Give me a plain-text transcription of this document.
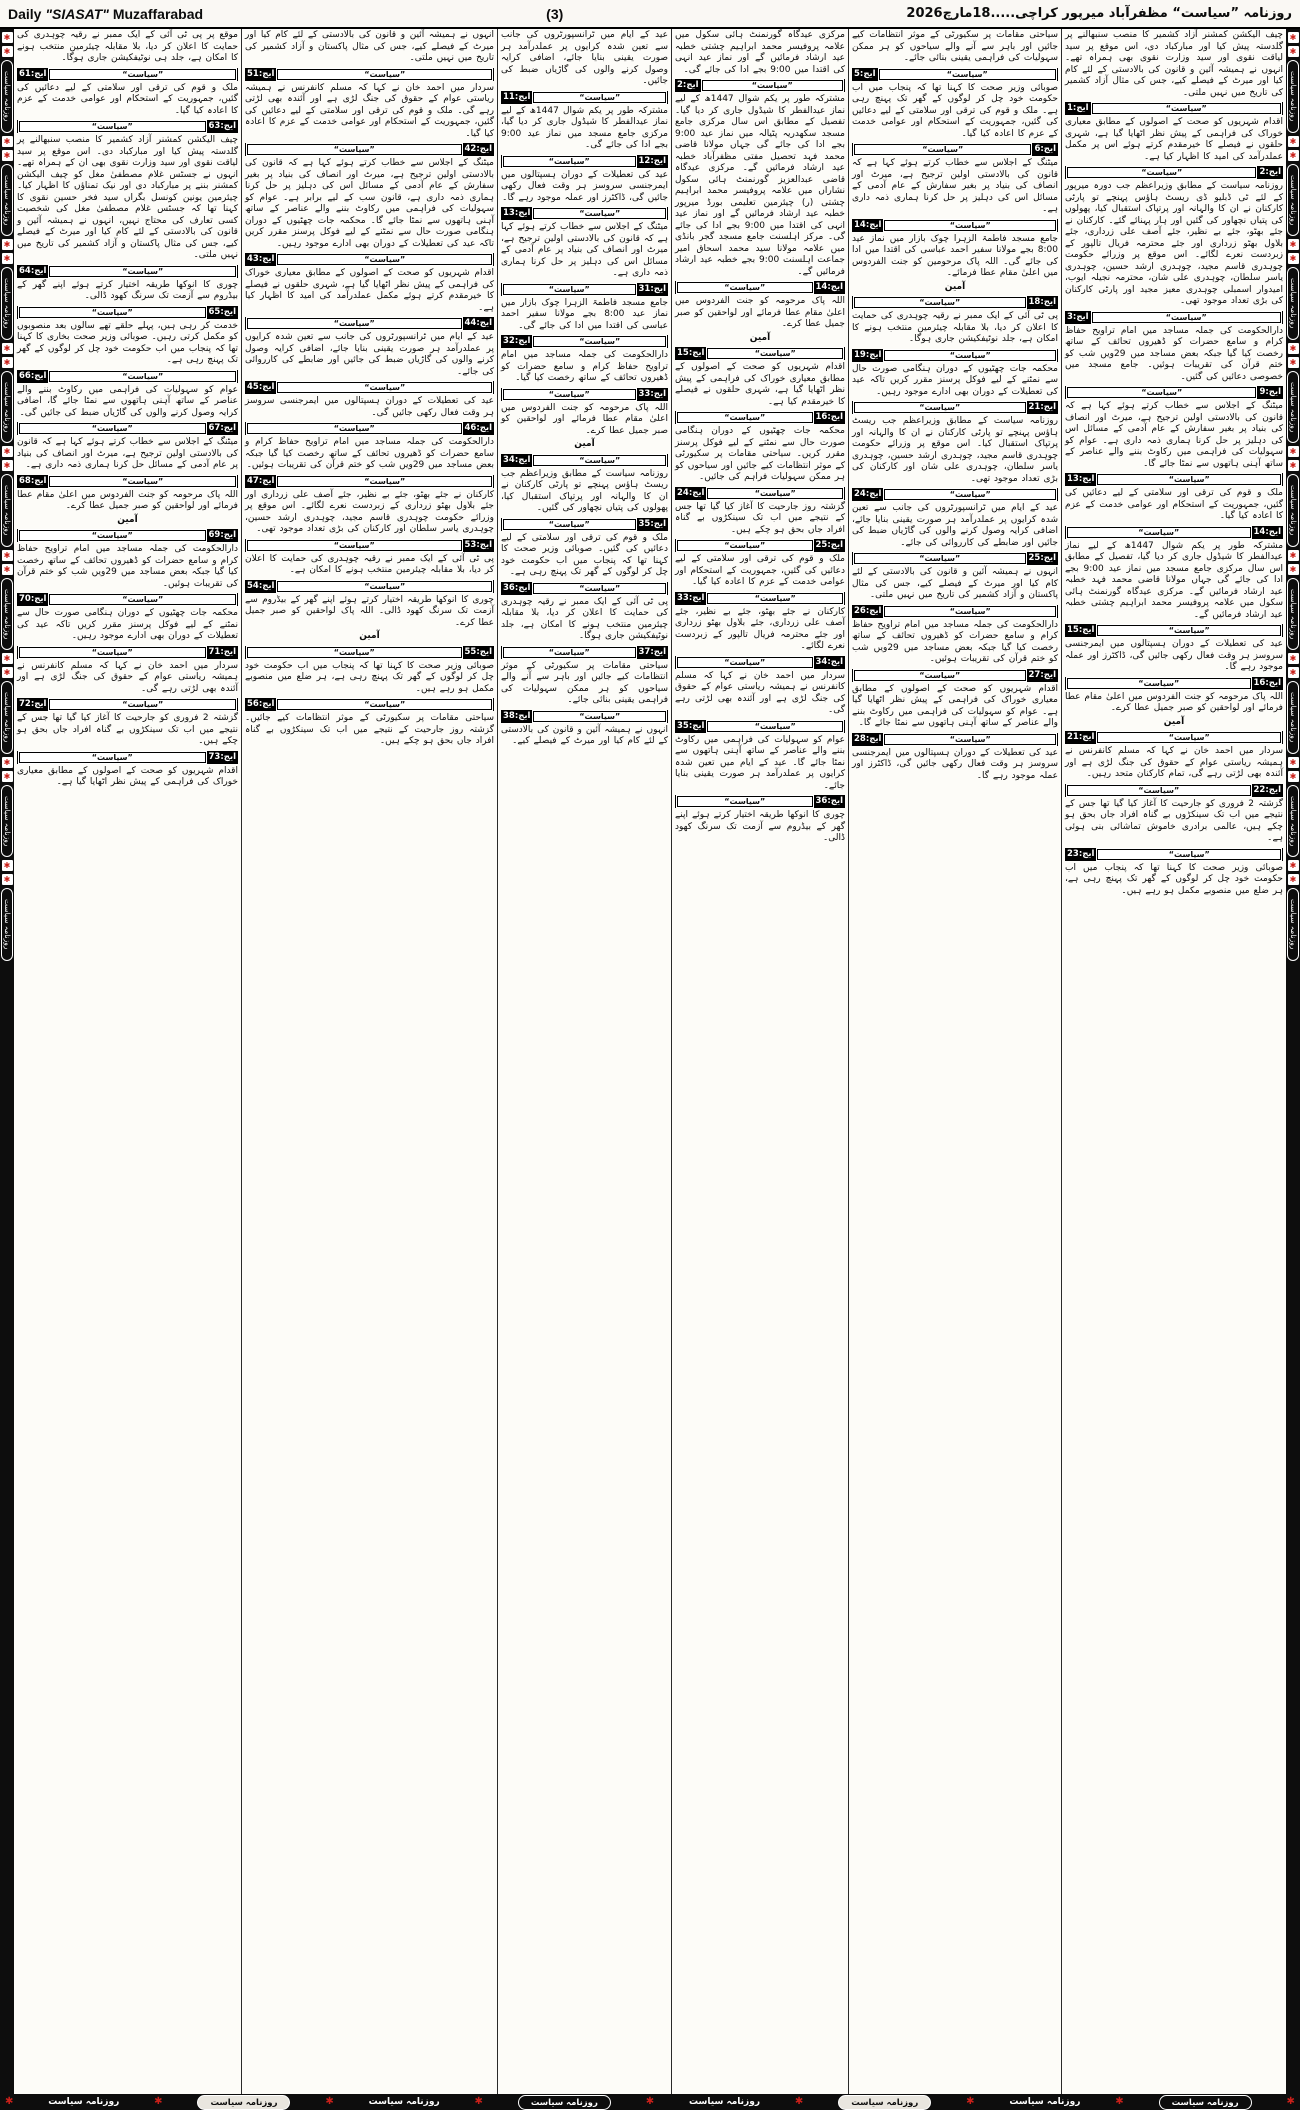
Daily "SIASAT" Muzaffarabad	(3)	روزنامہ ”سیاست“ مظفرآباد میرپور کراچی.....18مارچ2026
✱
✱
روزنامہ سیاست
✱
✱
روزنامہ سیاست
✱
✱
روزنامہ سیاست
✱
✱
روزنامہ سیاست
✱
✱
روزنامہ سیاست
✱
✱
روزنامہ سیاست
✱
✱
روزنامہ سیاست
✱
✱
روزنامہ سیاست
✱
✱
روزنامہ سیاست

چیف الیکشن کمشنر آزاد کشمیر کا منصب سنبھالنے پر گلدستہ پیش کیا اور مبارکباد دی، اس موقع پر سید لیاقت نقوی اور سید وزارت نقوی بھی ہمراہ تھے۔ انہوں نے ہمیشہ آئین و قانون کی بالادستی کے لئے کام کیا اور میرٹ کے فیصلے کیے، جس کی مثال آزاد کشمیر کی تاریخ میں نہیں ملتی۔

ایج:1	”سیاست“

اقدام شہریوں کو صحت کے اصولوں کے مطابق معیاری خوراک کی فراہمی کے پیش نظر اٹھایا گیا ہے، شہری حلقوں نے فیصلے کا خیرمقدم کرتے ہوئے اس پر مکمل عملدرآمد کی امید کا اظہار کیا ہے۔

ایج:2
”سیاست“

روزنامہ سیاست کے مطابق وزیراعظم جب دورہ میرپور کے لئے ٹی ڈبلیو ڈی ریسٹ ہاؤس پہنچے تو پارٹی کارکنان نے ان کا والہانہ اور پرتپاک استقبال کیا، پھولوں کی پتیاں نچھاور کی گئیں اور ہار پہنائے گئے۔ کارکنان نے جئے بھٹو، جئے بے نظیر، جئے آصف علی زرداری، جئے بلاول بھٹو زرداری اور جئے محترمہ فریال تالپور کے زبردست نعرے لگائے۔ اس موقع پر وزرائے حکومت چوہدری قاسم مجید، چوہدری ارشد حسین، چوہدری یاسر سلطان، چوہدری علی شان، محترمہ نجیلہ ایوب، امیدوار اسمبلی چوہدری معیز مجید اور پارٹی کارکنان کی بڑی تعداد موجود تھی۔

ایج:3	”سیاست“

دارالحکومت کی جملہ مساجد میں امام تراویح حفاظ کرام و سامع حضرات کو ڈھیروں تحائف کے ساتھ رخصت کیا گیا جبکہ بعض مساجد میں 29ویں شب کو ختم قرآن کی تقریبات ہوئیں۔ جامع مسجد میں خصوصی دعائیں کی گئیں۔

ایج:9
”سیاست“

میٹنگ کے اجلاس سے خطاب کرتے ہوئے کہا ہے کہ قانون کی بالادستی اولین ترجیح ہے، میرٹ اور انصاف کی بنیاد پر بغیر سفارش کے عام آدمی کے مسائل اس کی دہلیز پر حل کرنا ہماری ذمہ داری ہے۔ عوام کو سہولیات کی فراہمی میں رکاوٹ بننے والے عناصر کے ساتھ آہنی ہاتھوں سے نمٹا جائے گا۔

ایج:13	”سیاست“

ملک و قوم کی ترقی اور سلامتی کے لیے دعائیں کی گئیں، جمہوریت کے استحکام اور عوامی خدمت کے عزم کا اعادہ کیا گیا۔

ایج:14
”سیاست“

مشترکہ طور پر یکم شوال 1447ھ کے لیے نماز عیدالفطر کا شیڈول جاری کر دیا گیا، تفصیل کے مطابق اس سال مرکزی جامع مسجد میں نماز عید 9:00 بجے ادا کی جائے گی جہاں مولانا قاضی محمد فہد خطبہ عید ارشاد فرمائیں گے۔ مرکزی عیدگاہ گورنمنٹ ہائی سکول میں علامہ پروفیسر محمد ابراہیم چشتی خطبہ عید ارشاد فرمائیں گے۔

ایج:15	”سیاست“

عید کی تعطیلات کے دوران ہسپتالوں میں ایمرجنسی سروسز ہر وقت فعال رکھی جائیں گی، ڈاکٹرز اور عملہ موجود رہے گا۔

ایج:16
”سیاست“

اللہ پاک مرحومہ کو جنت الفردوس میں اعلیٰ مقام عطا فرمائے اور لواحقین کو صبر جمیل عطا کرے۔

آمین

ایج:21	”سیاست“

سردار میں احمد خان نے کہا کہ مسلم کانفرنس نے ہمیشہ ریاستی عوام کے حقوق کی جنگ لڑی ہے اور آئندہ بھی لڑتی رہے گی، تمام کارکنان متحد رہیں۔

ایج:22
”سیاست“

گزشتہ 2 فروری کو جارحیت کا آغاز کیا گیا تھا جس کے نتیجے میں اب تک سینکڑوں بے گناہ افراد جاں بحق ہو چکے ہیں، عالمی برادری خاموش تماشائی بنی ہوئی ہے۔

ایج:23	”سیاست“

صوبائی وزیر صحت کا کہنا تھا کہ پنجاب میں اب حکومت خود چل کر لوگوں کے گھر تک پہنچ رہی ہے، ہر ضلع میں منصوبے مکمل ہو رہے ہیں۔

سیاحتی مقامات پر سکیورٹی کے موثر انتظامات کیے جائیں اور باہر سے آنے والے سیاحوں کو ہر ممکن سہولیات کی فراہمی یقینی بنائی جائے۔

ایج:5	”سیاست“

صوبائی وزیر صحت کا کہنا تھا کہ پنجاب میں اب حکومت خود چل کر لوگوں کے گھر تک پہنچ رہی ہے۔ ملک و قوم کی ترقی اور سلامتی کے لیے دعائیں کی گئیں، جمہوریت کے استحکام اور عوامی خدمت کے عزم کا اعادہ کیا گیا۔

ایج:6
”سیاست“

میٹنگ کے اجلاس سے خطاب کرتے ہوئے کہا ہے کہ قانون کی بالادستی اولین ترجیح ہے، میرٹ اور انصاف کی بنیاد پر بغیر سفارش کے عام آدمی کے مسائل اس کی دہلیز پر حل کرنا ہماری ذمہ داری ہے۔

ایج:14	”سیاست“

جامع مسجد فاطمۃ الزہرا چوک بازار میں نماز عید 8:00 بجے مولانا سفیر احمد عباسی کی اقتدا میں ادا کی جائے گی۔ اللہ پاک مرحومین کو جنت الفردوس میں اعلیٰ مقام عطا فرمائے۔

آمین

ایج:18
”سیاست“

پی ٹی آئی کے ایک ممبر نے رقیہ چوہدری کی حمایت کا اعلان کر دیا، بلا مقابلہ چیئرمین منتخب ہونے کا امکان ہے، جلد نوٹیفکیشن جاری ہوگا۔

ایج:19	”سیاست“

محکمہ جات چھٹیوں کے دوران ہنگامی صورت حال سے نمٹنے کے لیے فوکل پرسنز مقرر کریں تاکہ عید کی تعطیلات کے دوران بھی ادارے موجود رہیں۔

ایج:21
”سیاست“

روزنامہ سیاست کے مطابق وزیراعظم جب ریسٹ ہاؤس پہنچے تو پارٹی کارکنان نے ان کا والہانہ اور پرتپاک استقبال کیا۔ اس موقع پر وزرائے حکومت چوہدری قاسم مجید، چوہدری ارشد حسین، چوہدری یاسر سلطان، چوہدری علی شان اور کارکنان کی بڑی تعداد موجود تھی۔

ایج:24	”سیاست“

عید کے ایام میں ٹرانسپورٹروں کی جانب سے تعین شدہ کرایوں پر عملدرآمد ہر صورت یقینی بنایا جائے، اضافی کرایہ وصول کرنے والوں کی گاڑیاں ضبط کی جائیں اور ضابطے کی کارروائی کی جائے۔

ایج:25
”سیاست“

انہوں نے ہمیشہ آئین و قانون کی بالادستی کے لئے کام کیا اور میرٹ کے فیصلے کیے، جس کی مثال پاکستان و آزاد کشمیر کی تاریخ میں نہیں ملتی۔

ایج:26	”سیاست“

دارالحکومت کی جملہ مساجد میں امام تراویح حفاظ کرام و سامع حضرات کو ڈھیروں تحائف کے ساتھ رخصت کیا گیا جبکہ بعض مساجد میں 29ویں شب کو ختم قرآن کی تقریبات ہوئیں۔

ایج:27
”سیاست“

اقدام شہریوں کو صحت کے اصولوں کے مطابق معیاری خوراک کی فراہمی کے پیش نظر اٹھایا گیا ہے۔ عوام کو سہولیات کی فراہمی میں رکاوٹ بننے والے عناصر کے ساتھ آہنی ہاتھوں سے نمٹا جائے گا۔

ایج:28	”سیاست“

عید کی تعطیلات کے دوران ہسپتالوں میں ایمرجنسی سروسز ہر وقت فعال رکھی جائیں گی، ڈاکٹرز اور عملہ موجود رہے گا۔

مرکزی عیدگاہ گورنمنٹ ہائی سکول میں علامہ پروفیسر محمد ابراہیم چشتی خطبہ عید ارشاد فرمائیں گے اور نماز عید انہی کی اقتدا میں 9:00 بجے ادا کی جائے گی۔

ایج:2	”سیاست“

مشترکہ طور پر یکم شوال 1447ھ کے لیے نماز عیدالفطر کا شیڈول جاری کر دیا گیا۔ تفصیل کے مطابق اس سال مرکزی جامع مسجد سکھدریہ پٹیالہ میں نماز عید 9:00 بجے ادا کی جائے گی جہاں مولانا قاضی محمد فہد تحصیل مفتی مظفرآباد خطبہ عید ارشاد فرمائیں گے۔ مرکزی عیدگاہ قاضی عبدالعزیز گورنمنٹ ہائی سکول نشاراں میں علامہ پروفیسر محمد ابراہیم چشتی (ر) چیئرمین تعلیمی بورڈ میرپور خطبہ عید ارشاد فرمائیں گے اور نماز عید انہی کی اقتدا میں 9:00 بجے ادا کی جائے گی۔ مرکز اہلسنت جامع مسجد گجر بانڈی میں علامہ مولانا سید محمد اسحاق امیر جماعت اہلسنت 9:00 بجے خطبہ عید ارشاد فرمائیں گے۔

ایج:14
”سیاست“

اللہ پاک مرحومہ کو جنت الفردوس میں اعلیٰ مقام عطا فرمائے اور لواحقین کو صبر جمیل عطا کرے۔

آمین

ایج:15	”سیاست“

اقدام شہریوں کو صحت کے اصولوں کے مطابق معیاری خوراک کی فراہمی کے پیش نظر اٹھایا گیا ہے، شہری حلقوں نے فیصلے کا خیرمقدم کیا ہے۔

ایج:16
”سیاست“

محکمہ جات چھٹیوں کے دوران ہنگامی صورت حال سے نمٹنے کے لیے فوکل پرسنز مقرر کریں۔ سیاحتی مقامات پر سکیورٹی کے موثر انتظامات کیے جائیں اور سیاحوں کو ہر ممکن سہولیات فراہم کی جائیں۔

ایج:24	”سیاست“

گزشتہ روز جارحیت کا آغاز کیا گیا تھا جس کے نتیجے میں اب تک سینکڑوں بے گناہ افراد جاں بحق ہو چکے ہیں۔

ایج:25
”سیاست“

ملک و قوم کی ترقی اور سلامتی کے لیے دعائیں کی گئیں، جمہوریت کے استحکام اور عوامی خدمت کے عزم کا اعادہ کیا گیا۔

ایج:33	”سیاست“

کارکنان نے جئے بھٹو، جئے بے نظیر، جئے آصف علی زرداری، جئے بلاول بھٹو زرداری اور جئے محترمہ فریال تالپور کے زبردست نعرے لگائے۔

ایج:34
”سیاست“

سردار میں احمد خان نے کہا کہ مسلم کانفرنس نے ہمیشہ ریاستی عوام کے حقوق کی جنگ لڑی ہے اور آئندہ بھی لڑتی رہے گی۔

ایج:35	”سیاست“

عوام کو سہولیات کی فراہمی میں رکاوٹ بننے والے عناصر کے ساتھ آہنی ہاتھوں سے نمٹا جائے گا۔ عید کے ایام میں تعین شدہ کرایوں پر عملدرآمد ہر صورت یقینی بنایا جائے۔

ایج:36
”سیاست“

چوری کا انوکھا طریقہ اختیار کرتے ہوئے اپنے گھر کے بیڈروم سے آزمت تک سرنگ کھود ڈالی۔

عید کے ایام میں ٹرانسپورٹروں کی جانب سے تعین شدہ کرایوں پر عملدرآمد ہر صورت یقینی بنایا جائے، اضافی کرایہ وصول کرنے والوں کی گاڑیاں ضبط کی جائیں۔

ایج:11	”سیاست“

مشترکہ طور پر یکم شوال 1447ھ کے لیے نماز عیدالفطر کا شیڈول جاری کر دیا گیا، مرکزی جامع مسجد میں نماز عید 9:00 بجے ادا کی جائے گی۔

ایج:12
”سیاست“

عید کی تعطیلات کے دوران ہسپتالوں میں ایمرجنسی سروسز ہر وقت فعال رکھی جائیں گی، ڈاکٹرز اور عملہ موجود رہے گا۔

ایج:13	”سیاست“

میٹنگ کے اجلاس سے خطاب کرتے ہوئے کہا ہے کہ قانون کی بالادستی اولین ترجیح ہے، میرٹ اور انصاف کی بنیاد پر عام آدمی کے مسائل اس کی دہلیز پر حل کرنا ہماری ذمہ داری ہے۔

ایج:31
”سیاست“

جامع مسجد فاطمۃ الزہرا چوک بازار میں نماز عید 8:00 بجے مولانا سفیر احمد عباسی کی اقتدا میں ادا کی جائے گی۔

ایج:32	”سیاست“

دارالحکومت کی جملہ مساجد میں امام تراویح حفاظ کرام و سامع حضرات کو ڈھیروں تحائف کے ساتھ رخصت کیا گیا۔

ایج:33
”سیاست“

اللہ پاک مرحومہ کو جنت الفردوس میں اعلیٰ مقام عطا فرمائے اور لواحقین کو صبر جمیل عطا کرے۔

آمین

ایج:34	”سیاست“

روزنامہ سیاست کے مطابق وزیراعظم جب ریسٹ ہاؤس پہنچے تو پارٹی کارکنان نے ان کا والہانہ اور پرتپاک استقبال کیا، پھولوں کی پتیاں نچھاور کی گئیں۔

ایج:35
”سیاست“

ملک و قوم کی ترقی اور سلامتی کے لیے دعائیں کی گئیں۔ صوبائی وزیر صحت کا کہنا تھا کہ پنجاب میں اب حکومت خود چل کر لوگوں کے گھر تک پہنچ رہی ہے۔

ایج:36	”سیاست“

پی ٹی آئی کے ایک ممبر نے رقیہ چوہدری کی حمایت کا اعلان کر دیا، بلا مقابلہ چیئرمین منتخب ہونے کا امکان ہے، جلد نوٹیفکیشن جاری ہوگا۔

ایج:37
”سیاست“

سیاحتی مقامات پر سکیورٹی کے موثر انتظامات کیے جائیں اور باہر سے آنے والے سیاحوں کو ہر ممکن سہولیات کی فراہمی یقینی بنائی جائے۔

ایج:38	”سیاست“

انہوں نے ہمیشہ آئین و قانون کی بالادستی کے لئے کام کیا اور میرٹ کے فیصلے کیے۔

انہوں نے ہمیشہ آئین و قانون کی بالادستی کے لئے کام کیا اور میرٹ کے فیصلے کیے، جس کی مثال پاکستان و آزاد کشمیر کی تاریخ میں نہیں ملتی۔

ایج:51	”سیاست“

سردار میں احمد خان نے کہا کہ مسلم کانفرنس نے ہمیشہ ریاستی عوام کے حقوق کی جنگ لڑی ہے اور آئندہ بھی لڑتی رہے گی۔ ملک و قوم کی ترقی اور سلامتی کے لیے دعائیں کی گئیں، جمہوریت کے استحکام اور عوامی خدمت کے عزم کا اعادہ کیا گیا۔

ایج:42
”سیاست“

میٹنگ کے اجلاس سے خطاب کرتے ہوئے کہا ہے کہ قانون کی بالادستی اولین ترجیح ہے، میرٹ اور انصاف کی بنیاد پر بغیر سفارش کے عام آدمی کے مسائل اس کی دہلیز پر حل کرنا ہماری ذمہ داری ہے، قانون سب کے لیے برابر ہے۔ عوام کو سہولیات کی فراہمی میں رکاوٹ بننے والے عناصر کے ساتھ آہنی ہاتھوں سے نمٹا جائے گا۔ محکمہ جات چھٹیوں کے دوران ہنگامی صورت حال سے نمٹنے کے لیے فوکل پرسنز مقرر کریں تاکہ عید کی تعطیلات کے دوران بھی ادارے موجود رہیں۔

ایج:43	”سیاست“

اقدام شہریوں کو صحت کے اصولوں کے مطابق معیاری خوراک کی فراہمی کے پیش نظر اٹھایا گیا ہے، شہری حلقوں نے فیصلے کا خیرمقدم کرتے ہوئے مکمل عملدرآمد کی امید کا اظہار کیا ہے۔

ایج:44
”سیاست“

عید کے ایام میں ٹرانسپورٹروں کی جانب سے تعین شدہ کرایوں پر عملدرآمد ہر صورت یقینی بنایا جائے، اضافی کرایہ وصول کرنے والوں کی گاڑیاں ضبط کی جائیں اور ضابطے کی کارروائی کی جائے۔

ایج:45	”سیاست“

عید کی تعطیلات کے دوران ہسپتالوں میں ایمرجنسی سروسز ہر وقت فعال رکھی جائیں گی۔

ایج:46
”سیاست“

دارالحکومت کی جملہ مساجد میں امام تراویح حفاظ کرام و سامع حضرات کو ڈھیروں تحائف کے ساتھ رخصت کیا گیا جبکہ بعض مساجد میں 29ویں شب کو ختم قرآن کی تقریبات ہوئیں۔

ایج:47	”سیاست“

کارکنان نے جئے بھٹو، جئے بے نظیر، جئے آصف علی زرداری اور جئے بلاول بھٹو زرداری کے زبردست نعرے لگائے۔ اس موقع پر وزرائے حکومت چوہدری قاسم مجید، چوہدری ارشد حسین، چوہدری یاسر سلطان اور کارکنان کی بڑی تعداد موجود تھی۔

ایج:53
”سیاست“

پی ٹی آئی کے ایک ممبر نے رقیہ چوہدری کی حمایت کا اعلان کر دیا، بلا مقابلہ چیئرمین منتخب ہونے کا امکان ہے۔

ایج:54	”سیاست“

چوری کا انوکھا طریقہ اختیار کرتے ہوئے اپنے گھر کے بیڈروم سے آزمت تک سرنگ کھود ڈالی۔ اللہ پاک لواحقین کو صبر جمیل عطا کرے۔

آمین

ایج:55
”سیاست“

صوبائی وزیر صحت کا کہنا تھا کہ پنجاب میں اب حکومت خود چل کر لوگوں کے گھر تک پہنچ رہی ہے، ہر ضلع میں منصوبے مکمل ہو رہے ہیں۔

ایج:56	”سیاست“

سیاحتی مقامات پر سکیورٹی کے موثر انتظامات کیے جائیں۔ گزشتہ روز جارحیت کے نتیجے میں اب تک سینکڑوں بے گناہ افراد جاں بحق ہو چکے ہیں۔

موقع پر پی ٹی آئی کے ایک ممبر نے رقیہ چوہدری کی حمایت کا اعلان کر دیا، بلا مقابلہ چیئرمین منتخب ہونے کا امکان ہے، جلد ہی نوٹیفکیشن جاری ہوگا۔

ایج:61	”سیاست“

ملک و قوم کی ترقی اور سلامتی کے لیے دعائیں کی گئیں، جمہوریت کے استحکام اور عوامی خدمت کے عزم کا اعادہ کیا گیا۔

ایج:63
”سیاست“

چیف الیکشن کمشنر آزاد کشمیر کا منصب سنبھالنے پر گلدستہ پیش کیا اور مبارکباد دی۔ اس موقع پر سید لیاقت نقوی اور سید وزارت نقوی بھی ان کے ہمراہ تھے۔ انہوں نے جسٹس غلام مصطفیٰ مغل کو چیف الیکشن کمشنر بننے پر مبارکباد دی اور نیک تمناؤں کا اظہار کیا۔ چیئرمین یونین کونسل بگراں سید فخر حسین نقوی کا کہنا تھا کہ جسٹس غلام مصطفیٰ مغل کی شخصیت کسی تعارف کی محتاج نہیں، انہوں نے ہمیشہ آئین و قانون کی بالادستی کے لئے کام کیا اور میرٹ کے فیصلے کیے، جس کی مثال پاکستان و آزاد کشمیر کی تاریخ میں نہیں ملتی۔

ایج:64	”سیاست“

چوری کا انوکھا طریقہ اختیار کرتے ہوئے اپنے گھر کے بیڈروم سے آزمت تک سرنگ کھود ڈالی۔

ایج:65
”سیاست“

خدمت کر رہی ہیں، پہلے حلقے تھے سالوں بعد منصوبوں کو مکمل کرتی رہیں۔ صوبائی وزیر صحت بخاری کا کہنا تھا کہ پنجاب میں اب حکومت خود چل کر لوگوں کے گھر تک پہنچ رہی ہے۔

ایج:66	”سیاست“

عوام کو سہولیات کی فراہمی میں رکاوٹ بننے والے عناصر کے ساتھ آہنی ہاتھوں سے نمٹا جائے گا، اضافی کرایہ وصول کرنے والوں کی گاڑیاں ضبط کی جائیں گی۔

ایج:67
”سیاست“

میٹنگ کے اجلاس سے خطاب کرتے ہوئے کہا ہے کہ قانون کی بالادستی اولین ترجیح ہے، میرٹ اور انصاف کی بنیاد پر عام آدمی کے مسائل حل کرنا ہماری ذمہ داری ہے۔

ایج:68	”سیاست“

اللہ پاک مرحومہ کو جنت الفردوس میں اعلیٰ مقام عطا فرمائے اور لواحقین کو صبر جمیل عطا کرے۔

آمین

ایج:69
”سیاست“

دارالحکومت کی جملہ مساجد میں امام تراویح حفاظ کرام و سامع حضرات کو ڈھیروں تحائف کے ساتھ رخصت کیا گیا جبکہ بعض مساجد میں 29ویں شب کو ختم قرآن کی تقریبات ہوئیں۔

ایج:70	”سیاست“

محکمہ جات چھٹیوں کے دوران ہنگامی صورت حال سے نمٹنے کے لیے فوکل پرسنز مقرر کریں تاکہ عید کی تعطیلات کے دوران بھی ادارے موجود رہیں۔

ایج:71
”سیاست“

سردار میں احمد خان نے کہا کہ مسلم کانفرنس نے ہمیشہ ریاستی عوام کے حقوق کی جنگ لڑی ہے اور آئندہ بھی لڑتی رہے گی۔

ایج:72	”سیاست“

گزشتہ 2 فروری کو جارحیت کا آغاز کیا گیا تھا جس کے نتیجے میں اب تک سینکڑوں بے گناہ افراد جاں بحق ہو چکے ہیں۔

ایج:73
”سیاست“

اقدام شہریوں کو صحت کے اصولوں کے مطابق معیاری خوراک کی فراہمی کے پیش نظر اٹھایا گیا ہے۔

✱
✱
روزنامہ سیاست
✱
✱
روزنامہ سیاست
✱
✱
روزنامہ سیاست
✱
✱
روزنامہ سیاست
✱
✱
روزنامہ سیاست
✱
✱
روزنامہ سیاست
✱
✱
روزنامہ سیاست
✱
✱
روزنامہ سیاست
✱
✱
روزنامہ سیاست
✱	روزنامہ سیاست	✱	روزنامہ سیاست	✱	روزنامہ سیاست	✱	روزنامہ سیاست	✱	روزنامہ سیاست	✱	روزنامہ سیاست	✱	روزنامہ سیاست	✱	روزنامہ سیاست	✱
